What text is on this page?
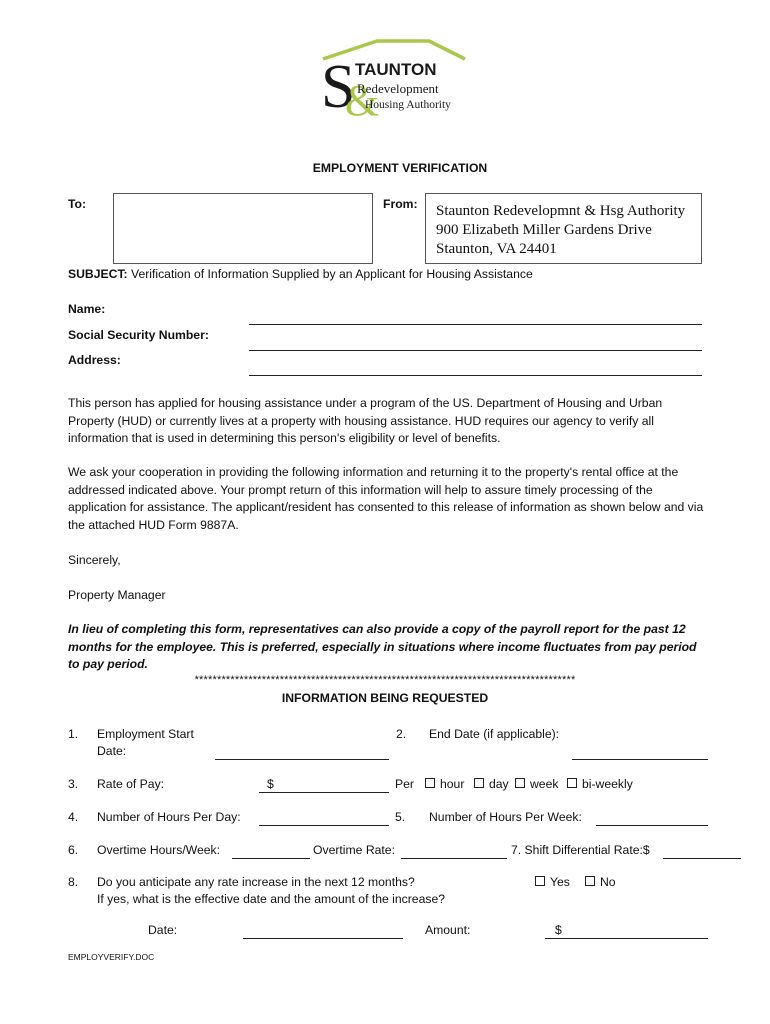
S
&
TAUNTON
Redevelopment
Housing Authority
EMPLOYMENT VERIFICATION
To:	From: Staunton Redevelopmnt & Hsg Authority
900 Elizabeth Miller Gardens Drive
Staunton, VA 24401
SUBJECT: Verification of Information Supplied by an Applicant for Housing Assistance
Name:
Social Security Number:
Address:
This person has applied for housing assistance under a program of the US. Department of Housing and Urban Property (HUD) or currently lives at a property with housing assistance. HUD requires our agency to verify all information that is used in determining this person's eligibility or level of benefits.
We ask your cooperation in providing the following information and returning it to the property's rental office at the addressed indicated above. Your prompt return of this information will help to assure timely processing of the application for assistance. The applicant/resident has consented to this release of information as shown below and via the attached HUD Form 9887A.
Sincerely,
Property Manager
In lieu of completing this form, representatives can also provide a copy of the payroll report for the past 12 months for the employee. This is preferred, especially in situations where income fluctuates from pay period to pay period.
*************************************************************************************
INFORMATION BEING REQUESTED
1. Employment Start
Date:
2. End Date (if applicable):
3. Rate of Pay:	$	Per	hour	day	week	bi-weekly
4. Number of Hours Per Day:	5. Number of Hours Per Week:
6. Overtime Hours/Week:	Overtime Rate:	7. Shift Differential Rate:$
8. Do you anticipate any rate increase in the next 12 months?
If yes, what is the effective date and the amount of the increase?
Yes	No
Date:	Amount:	$
EMPLOYVERIFY.DOC
